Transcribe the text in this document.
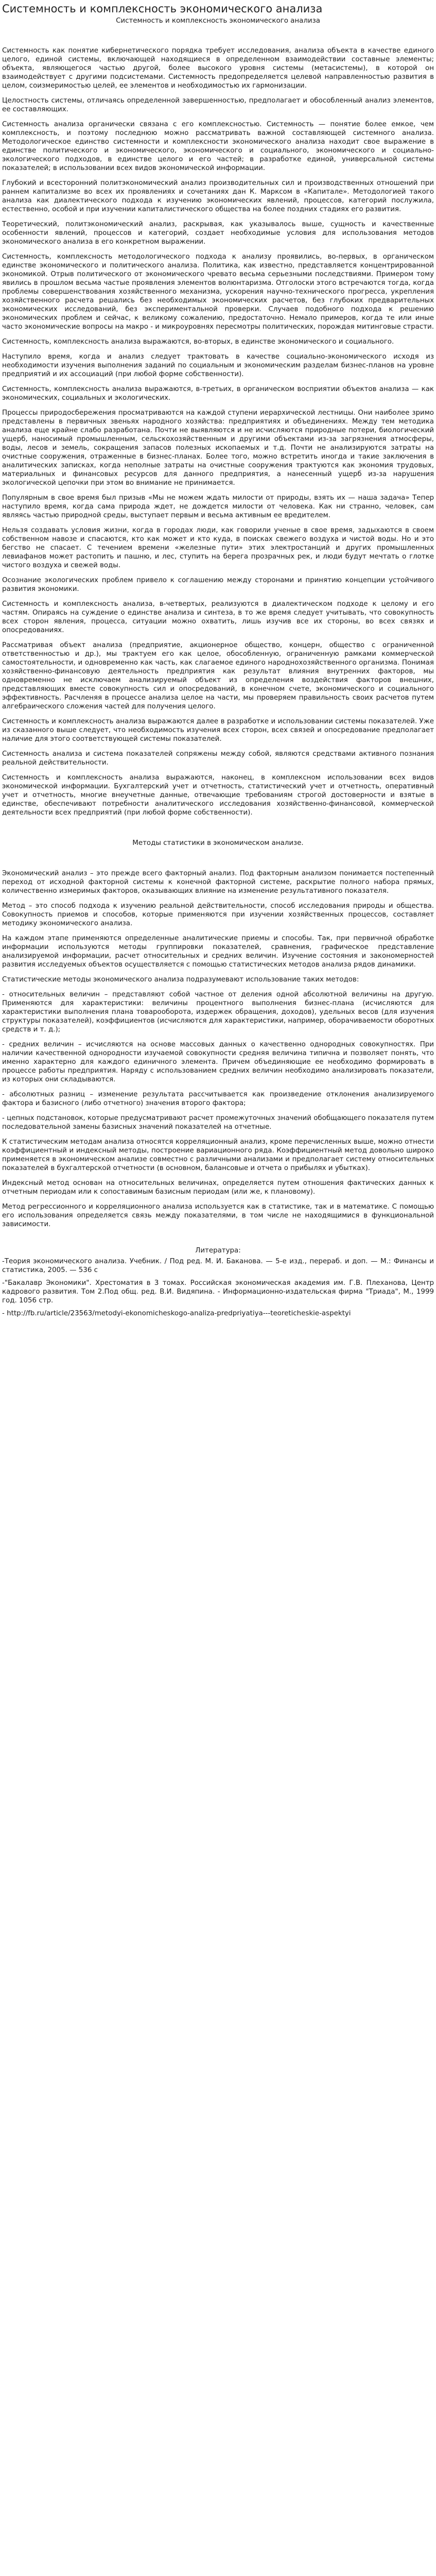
Системность и комплексность экономического анализа
Системность и комплексность экономического анализа

Системность как понятие кибернетического порядка требует исследования, анализа объекта в качестве единого целого, единой системы, включающей находящиеся в определенном взаимодействии составные элементы; объекта, являющегося частью другой, более высокого уровня системы (метасистемы), в которой он взаимодействует с другими подсистемами. Системность предопределяется целевой направленностью развития в целом, соизмеримостью целей, ее элементов и необходимостью их гармонизации.

Целостность системы, отличаясь определенной завершенностью, предполагает и обособленный анализ элементов, ее составляющих.

Системность анализа органически связана с его комплексностью. Системность — понятие более емкое, чем комплексность, и поэтому последнюю можно рассматривать важной составляющей системного анализа. Методологическое единство системности и комплексности экономического анализа находит свое выражение в единстве политического и экономического, экономического и социального, экономического и социально-экологического подходов, в единстве целого и его частей; в разработке единой, универсальной системы показателей; в использовании всех видов экономической информации.

Глубокий и всесторонний политэкономический анализ производительных сил и производственных отношений при раннем капитализме во всех их проявлениях и сочетаниях дан К. Марксом в «Капитале». Методологией такого анализа как диалектического подхода к изучению экономических явлений, процессов, категорий послужила, естественно, особой и при изучении капиталистического общества на более поздних стадиях его развития.

Теоретический, политэкономический анализ, раскрывая, как указывалось выше, сущность и качественные особенности явлений, процессов и категорий, создает необходимые условия для использования методов экономического анализа в его конкретном выражении.

Системность, комплексность методологического подхода к анализу проявились, во-первых, в органическом единстве экономического и политического анализа. Политика, как известно, представляется концентрированной экономикой. Отрыв политического от экономического чревато весьма серьезными последствиями. Примером тому явились в прошлом весьма частые проявления элементов волюнтаризма. Отголоски этого встречаются тогда, когда проблемы совершенствования хозяйственного механизма, ускорения научно-технического прогресса, укрепления хозяйственного расчета решались без необходимых экономических расчетов, без глубоких предварительных экономических исследований, без экспериментальной проверки. Случаев подобного подхода к решению экономических проблем и сейчас, к великому сожалению, предостаточно. Немало примеров, когда те или иные часто экономические вопросы на макро - и микроуровнях пересмотры политических, порождая митинговые страсти.

Системность, комплексность анализа выражаются, во-вторых, в единстве экономического и социального.

Наступило время, когда и анализ следует трактовать в качестве социально-экономического исходя из необходимости изучения выполнения заданий по социальным и экономическим разделам бизнес-планов на уровне предприятий и их ассоциаций (при любой форме собственности).

Системность, комплексность анализа выражаются, в-третьих, в органическом восприятии объектов анализа — как экономических, социальных и экологических.

Процессы природосбережения просматриваются на каждой ступени иерархической лестницы. Они наиболее зримо представлены в первичных звеньях народного хозяйства: предприятиях и объединениях. Между тем методика анализа еще крайне слабо разработана. Почти не выявляются и не исчисляются природные потери, биологический ущерб, наносимый промышленным, сельскохозяйственным и другими объектами из-за загрязнения атмосферы, воды, лесов и земель, сокращения запасов полезных ископаемых и т.д. Почти не анализируются затраты на очистные сооружения, отраженные в бизнес-планах. Более того, можно встретить иногда и такие заключения в аналитических записках, когда неполные затраты на очистные сооружения трактуются как экономия трудовых, материальных и финансовых ресурсов для данного предприятия, а нанесенный ущерб из-за нарушения экологической цепочки при этом во внимание не принимается.

Популярным в свое время был призыв «Мы не можем ждать милости от природы, взять их — наша задача» Тепер наступило время, когда сама природа ждет, не дождется милости от человека. Как ни странно, человек, сам являясь частью природной среды, выступает первым и весьма активным ее вредителем.

Нельзя создавать условия жизни, когда в городах люди, как говорили ученые в свое время, задыхаются в своем собственном навозе и спасаются, кто как может и кто куда, в поисках свежего воздуха и чистой воды. Но и это бегство не спасает. С течением времени «железные пути» этих электростанций и других промышленных левиафанов может растопить и пашню, и лес, ступить на берега прозрачных рек, и люди будут мечтать о глотке чистого воздуха и свежей воды.

Осознание экологических проблем привело к соглашению между сторонами и принятию концепции устойчивого развития экономики.

Системность и комплексность анализа, в-четвертых, реализуются в диалектическом подходе к целому и его частям. Опираясь на суждение о единстве анализа и синтеза, в то же время следует учитывать, что совокупность всех сторон явления, процесса, ситуации можно охватить, лишь изучив все их стороны, во всех связях и опосредованиях.

Рассматривая объект анализа (предприятие, акционерное общество, концерн, общество с ограниченной ответственностью и др.), мы трактуем его как целое, обособленную, ограниченную рамками коммерческой самостоятельности, и одновременно как часть, как слагаемое единого народнохозяйственного организма. Понимая хозяйственно-финансовую деятельность предприятия как результат влияния внутренних факторов, мы одновременно не исключаем анализируемый объект из определения воздействия факторов внешних, представляющих вместе совокупность сил и опосредований, в конечном счете, экономического и социального эффективность. Расчленяя в процессе анализа целое на части, мы проверяем правильность своих расчетов путем алгебраического сложения частей для получения целого.

Системность и комплексность анализа выражаются далее в разработке и использовании системы показателей. Уже из сказанного выше следует, что необходимость изучения всех сторон, всех связей и опосредование предполагает наличие для этого соответствующей системы показателей.

Системность анализа и система показателей сопряжены между собой, являются средствами активного познания реальной действительности.

Системность и комплексность анализа выражаются, наконец, в комплексном использовании всех видов экономической информации. Бухгалтерский учет и отчетность, статистический учет и отчетность, оперативный учет и отчетность, многие внеучетные данные, отвечающие требованиям строгой достоверности и взятые в единстве, обеспечивают потребности аналитического исследования хозяйственно-финансовой, коммерческой деятельности всех предприятий (при любой форме собственности).

Методы статистики в экономическом анализе.

Экономический анализ – это прежде всего факторный анализ. Под факторным анализом понимается постепенный переход от исходной факторной системы к конечной факторной системе, раскрытие полного набора прямых, количественно измеримых факторов, оказывающих влияние на изменение результативного показателя.

Метод – это способ подхода к изучению реальной действительности, способ исследования природы и общества. Совокупность приемов и способов, которые применяются при изучении хозяйственных процессов, составляет методику экономического анализа.

На каждом этапе применяются определенные аналитические приемы и способы. Так, при первичной обработке информации используются методы группировки показателей, сравнения, графическое представление анализируемой информации, расчет относительных и средних величин. Изучение состояния и закономерностей развития исследуемых объектов осуществляется с помощью статистических методов анализа рядов динамики.

Статистические методы экономического анализа подразумевают использование таких методов:

- относительных величин – представляют собой частное от деления одной абсолютной величины на другую. Применяются для характеристики: величины процентного выполнения бизнес-плана (исчисляются для характеристики выполнения плана товарооборота, издержек обращения, доходов), удельных весов (для изучения структуры показателей), коэффициентов (исчисляются для характеристики, например, оборачиваемости оборотных средств и т. д.);

- средних величин – исчисляются на основе массовых данных о качественно однородных совокупностях. При наличии качественной однородности изучаемой совокупности средняя величина типична и позволяет понять, что именно характерно для каждого единичного элемента. Причем объединяющие ее необходимо формировать в процессе работы предприятия. Наряду с использованием средних величин необходимо анализировать показатели, из которых они складываются.

- абсолютных разниц – изменение результата рассчитывается как произведение отклонения анализируемого фактора и базисного (либо отчетного) значения второго фактора;

- цепных подстановок, которые предусматривают расчет промежуточных значений обобщающего показателя путем последовательной замены базисных значений показателей на отчетные.

К статистическим методам анализа относятся корреляционный анализ, кроме перечисленных выше, можно отнести коэффициентный и индексный методы, построение вариационного ряда. Коэффициентный метод довольно широко применяется в экономическом анализе совместно с различными анализами и предполагает систему относительных показателей в бухгалтерской отчетности (в основном, балансовые и отчета о прибылях и убытках).

Индексный метод основан на относительных величинах, определяется путем отношения фактических данных к отчетным периодам или к сопоставимым базисным периодам (или же, к плановому).

Метод регрессионного и корреляционного анализа используется как в статистике, так и в математике. С помощью его использования определяется связь между показателями, в том числе не находящимися в функциональной зависимости.

Литература:
-Теория экономического анализа. Учебник. / Под ред. М. И. Баканова. — 5-е изд., перераб. и доп. — М.: Финансы и статистика, 2005. — 536 с
-"Бакалавр Экономики". Хрестоматия в 3 томах. Российская экономическая академия им. Г.В. Плеханова, Центр кадрового развития. Том 2.Под общ. ред. В.И. Видяпина. - Информационно-издательская фирма "Триада", М., 1999 год. 1056 стр.
- http://fb.ru/article/23563/metodyi-ekonomicheskogo-analiza-predpriyatiya---teoreticheskie-aspektyi
